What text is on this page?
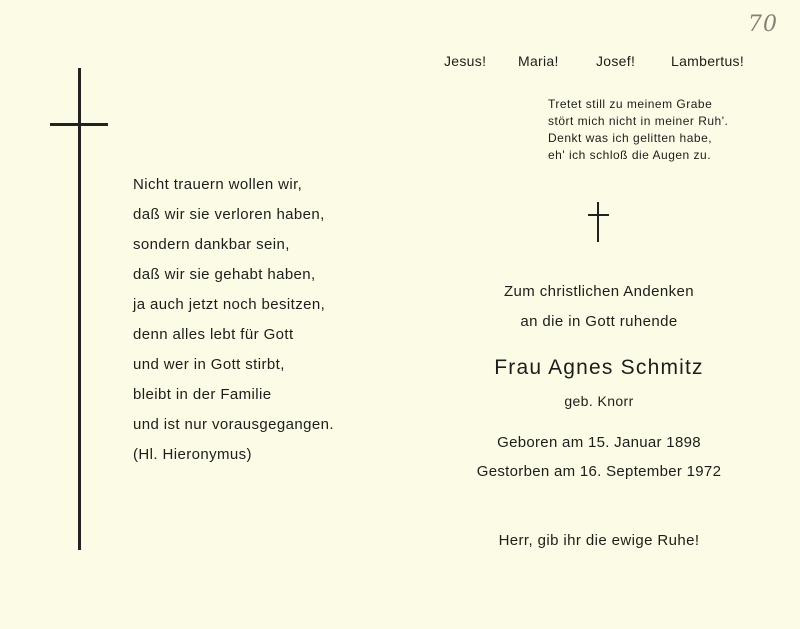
70
Nicht trauern wollen wir,
daß wir sie verloren haben,
sondern dankbar sein,
daß wir sie gehabt haben,
ja auch jetzt noch besitzen,
denn alles lebt für Gott
und wer in Gott stirbt,
bleibt in der Familie
und ist nur vorausgegangen.
(Hl. Hieronymus)
Jesus! Maria!	Josef!	Lambertus!
Tretet still zu meinem Grabe
stört mich nicht in meiner Ruh'.
Denkt was ich gelitten habe,
eh' ich schloß die Augen zu.
Zum christlichen Andenken
an die in Gott ruhende
Frau Agnes Schmitz
geb. Knorr
Geboren am 15. Januar 1898
Gestorben am 16. September 1972
Herr, gib ihr die ewige Ruhe!
